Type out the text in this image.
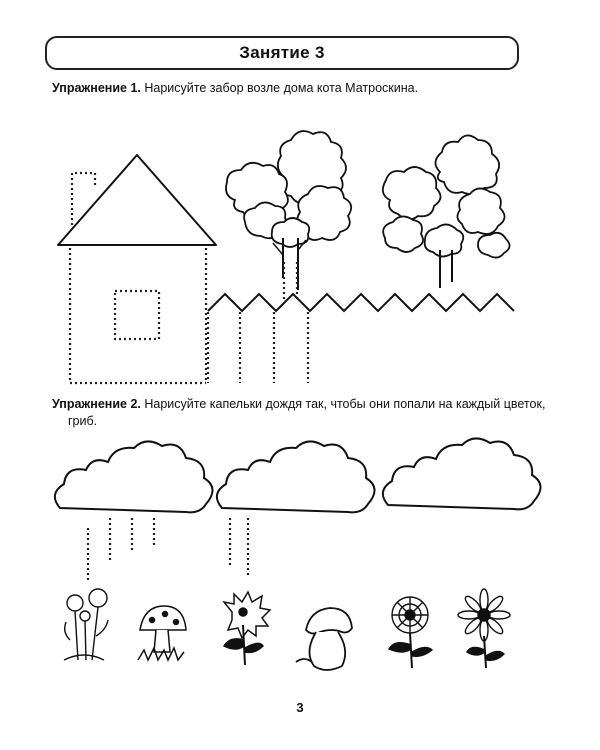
Занятие 3
Упражнение 1. Нарисуйте забор возле дома кота Матроскина.
Упражнение 2. Нарисуйте капельки дождя так, чтобы они попали на каждый цветок,
гриб.
3
